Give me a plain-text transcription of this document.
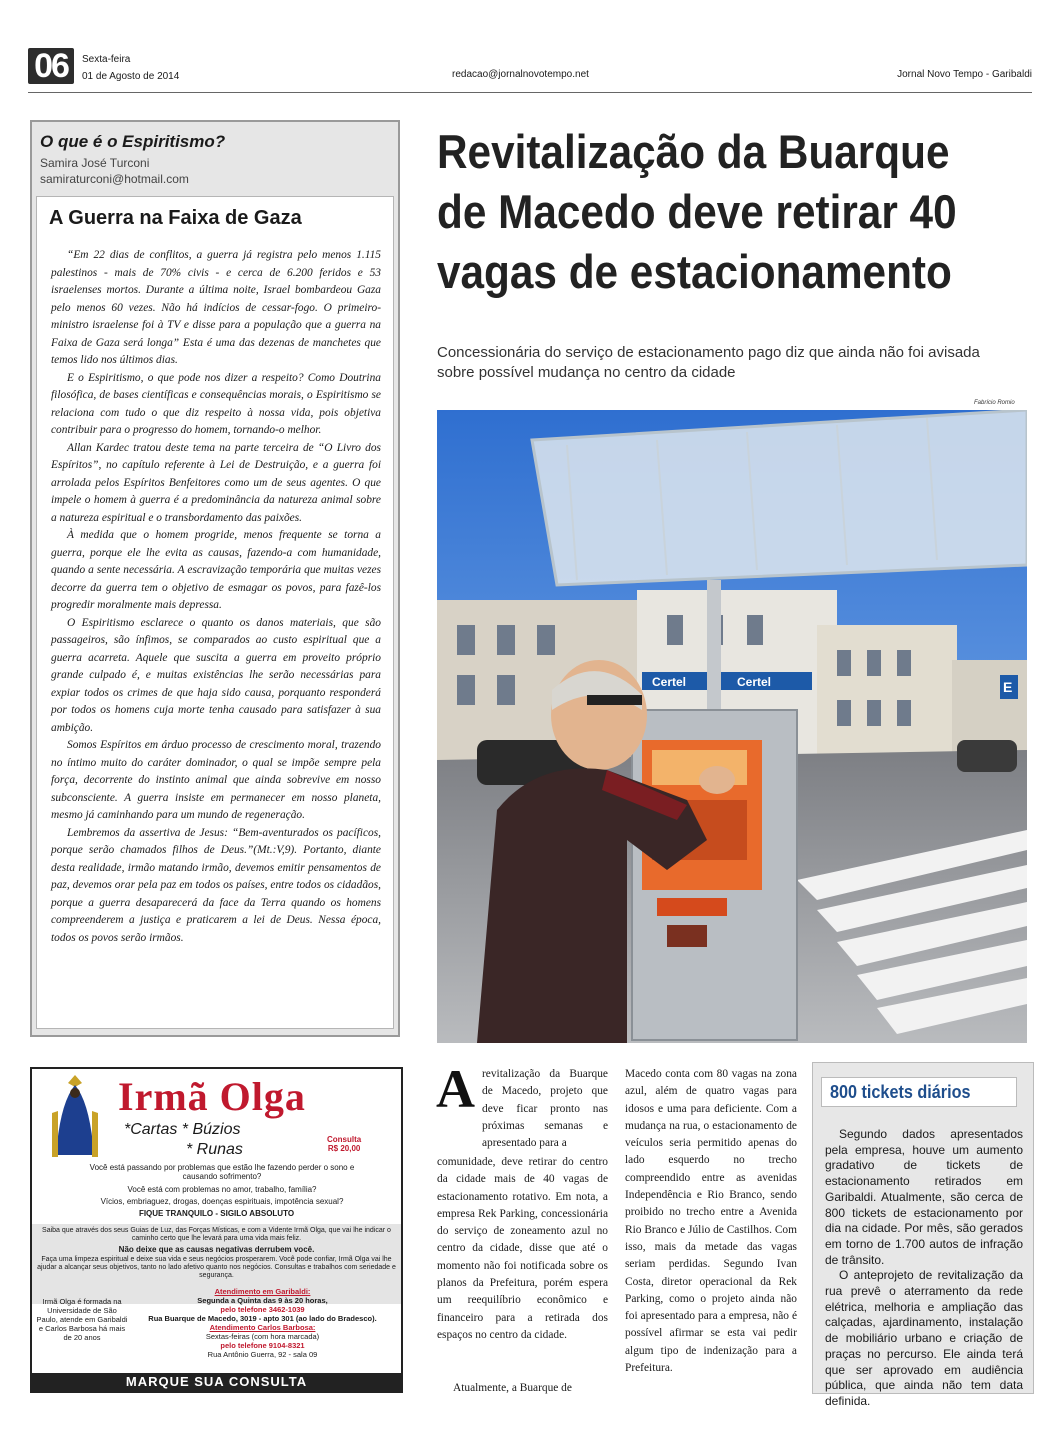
06	Sexta-feira
01 de Agosto de 2014	redacao@jornalnovotempo.net	Jornal Novo Tempo - Garibaldi
O que é o Espiritismo?
Samira José Turconi
samiraturconi@hotmail.com
A Guerra na Faixa de Gaza

“Em 22 dias de conflitos, a guerra já registra pelo menos 1.115 palestinos - mais de 70% civis - e cerca de 6.200 feridos e 53 israelenses mortos. Durante a última noite, Israel bombardeou Gaza pelo menos 60 vezes. Não há indícios de cessar-fogo. O primeiro-ministro israelense foi à TV e disse para a população que a guerra na Faixa de Gaza será longa” Esta é uma das dezenas de manchetes que temos lido nos últimos dias.

E o Espiritismo, o que pode nos dizer a respeito? Como Doutrina filosófica, de bases científicas e consequências morais, o Espiritismo se relaciona com tudo o que diz respeito à nossa vida, pois objetiva contribuir para o progresso do homem, tornando-o melhor.

Allan Kardec tratou deste tema na parte terceira de “O Livro dos Espíritos”, no capítulo referente à Lei de Destruição, e a guerra foi arrolada pelos Espíritos Benfeitores como um de seus agentes. O que impele o homem à guerra é a predominância da natureza animal sobre a natureza espiritual e o transbordamento das paixões.

À medida que o homem progride, menos frequente se torna a guerra, porque ele lhe evita as causas, fazendo-a com humanidade, quando a sente necessária. A escravização temporária que muitas vezes decorre da guerra tem o objetivo de esmagar os povos, para fazê-los progredir moralmente mais depressa.

O Espiritismo esclarece o quanto os danos materiais, que são passageiros, são ínfimos, se comparados ao custo espiritual que a guerra acarreta. Aquele que suscita a guerra em proveito próprio grande culpado é, e muitas existências lhe serão necessárias para expiar todos os crimes de que haja sido causa, porquanto responderá por todos os homens cuja morte tenha causado para satisfazer à sua ambição.

Somos Espíritos em árduo processo de crescimento moral, trazendo no íntimo muito do caráter dominador, o qual se impõe sempre pela força, decorrente do instinto animal que ainda sobrevive em nosso subconsciente. A guerra insiste em permanecer em nosso planeta, mesmo já caminhando para um mundo de regeneração.

Lembremos da assertiva de Jesus: “Bem-aventurados os pacíficos, porque serão chamados filhos de Deus.”(Mt.:V,9). Portanto, diante desta realidade, irmão matando irmão, devemos emitir pensamentos de paz, devemos orar pela paz em todos os países, entre todos os cidadãos, porque a guerra desaparecerá da face da Terra quando os homens compreenderem a justiça e praticarem a lei de Deus. Nessa época, todos os povos serão irmãos.

Revitalização da Buarque de Macedo deve retirar 40 vagas de estacionamento
Concessionária do serviço de estacionamento pago diz que ainda não foi avisada sobre possível mudança no centro da cidade
Fabrício Romio
Certel	Certel	E
Irmã Olga
*Cartas * Búzios
* Runas
Consulta
R$ 20,00
Você está passando por problemas que estão lhe fazendo perder o sono e causando sofrimento?
Você está com problemas no amor, trabalho, família?
Vícios, embriaguez, drogas, doenças espirituais, impotência sexual?
FIQUE TRANQUILO - SIGILO ABSOLUTO
Saiba que através dos seus Guias de Luz, das Forças Místicas, e com a Vidente Irmã Olga, que vai lhe indicar o caminho certo que lhe levará para uma vida mais feliz.
Não deixe que as causas negativas derrubem você.
Faça uma limpeza espiritual e deixe sua vida e seus negócios prosperarem. Você pode confiar, Irmã Olga vai lhe ajudar a alcançar seus objetivos, tanto no lado afetivo quanto nos negócios. Consultas e trabalhos com seriedade e segurança.
Irmã Olga é formada na Universidade de São Paulo, atende em Garibaldi e Carlos Barbosa há mais de 20 anos
Atendimento em Garibaldi:
Segunda a Quinta das 9 às 20 horas,
pelo telefone 3462-1039
Rua Buarque de Macedo, 3019 - apto 301 (ao lado do Bradesco).
Atendimento Carlos Barbosa:
Sextas-feiras (com hora marcada)
pelo telefone 9104-8321
Rua Antônio Guerra, 92 - sala 09
MARQUE SUA CONSULTA
A revitalização da Buarque de Macedo, projeto que deve ficar pronto nas próximas semanas e apresentado para a

comunidade, deve retirar do centro da cidade mais de 40 vagas de estacionamento rotativo. Em nota, a empresa Rek Parking, concessionária do serviço de zoneamento azul no centro da cidade, disse que até o momento não foi notificada sobre os planos da Prefeitura, porém espera um reequilíbrio econômico e financeiro para a retirada dos espaços no centro da cidade.

Atualmente, a Buarque de

Macedo conta com 80 vagas na zona azul, além de quatro vagas para idosos e uma para deficiente. Com a mudança na rua, o estacionamento de veículos seria permitido apenas do lado esquerdo no trecho compreendido entre as avenidas Independência e Rio Branco, sendo proibido no trecho entre a Avenida Rio Branco e Júlio de Castilhos. Com isso, mais da metade das vagas seriam perdidas. Segundo Ivan Costa, diretor operacional da Rek Parking, como o projeto ainda não foi apresentado para a empresa, não é possível afirmar se esta vai pedir algum tipo de indenização para a Prefeitura.

800 tickets diários

Segundo dados apresentados pela empresa, houve um aumento gradativo de tickets de estacionamento retirados em Garibaldi. Atualmente, são cerca de 800 tickets de estacionamento por dia na cidade. Por mês, são gerados em torno de 1.700 autos de infração de trânsito.

O anteprojeto de revitalização da rua prevê o aterramento da rede elétrica, melhoria e ampliação das calçadas, ajardinamento, instalação de mobiliário urbano e criação de praças no percurso. Ele ainda terá que ser aprovado em audiência pública, que ainda não tem data definida.
